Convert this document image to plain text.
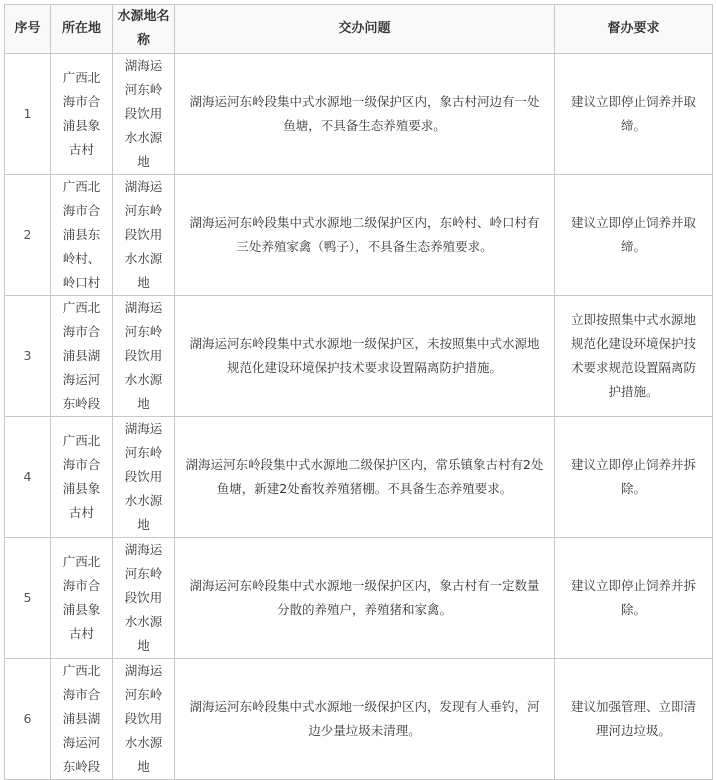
序号	所在地	水源地名称	交办问题	督办要求
1	广西北海市合浦县象古村	湖海运河东岭段饮用水水源地	湖海运河东岭段集中式水源地一级保护区内，象古村河边有一处鱼塘，不具备生态养殖要求。	建议立即停止饲养并取缔。
2	广西北海市合浦县东岭村、岭口村	湖海运河东岭段饮用水水源地	湖海运河东岭段集中式水源地二级保护区内，东岭村、岭口村有三处养殖家禽（鸭子），不具备生态养殖要求。	建议立即停止饲养并取缔。
3	广西北海市合浦县湖海运河东岭段	湖海运河东岭段饮用水水源地	湖海运河东岭段集中式水源地一级保护区，未按照集中式水源地规范化建设环境保护技术要求设置隔离防护措施。	立即按照集中式水源地规范化建设环境保护技术要求规范设置隔离防护措施。
4	广西北海市合浦县象古村	湖海运河东岭段饮用水水源地	湖海运河东岭段集中式水源地二级保护区内，常乐镇象古村有2处鱼塘，新建2处畜牧养殖猪棚。不具备生态养殖要求。	建议立即停止饲养并拆除。
5	广西北海市合浦县象古村	湖海运河东岭段饮用水水源地	湖海运河东岭段集中式水源地一级保护区内，象古村有一定数量分散的养殖户，养殖猪和家禽。	建议立即停止饲养并拆除。
6	广西北海市合浦县湖海运河东岭段	湖海运河东岭段饮用水水源地	湖海运河东岭段集中式水源地一级保护区内，发现有人垂钓，河边少量垃圾未清理。	建议加强管理、立即清理河边垃圾。
